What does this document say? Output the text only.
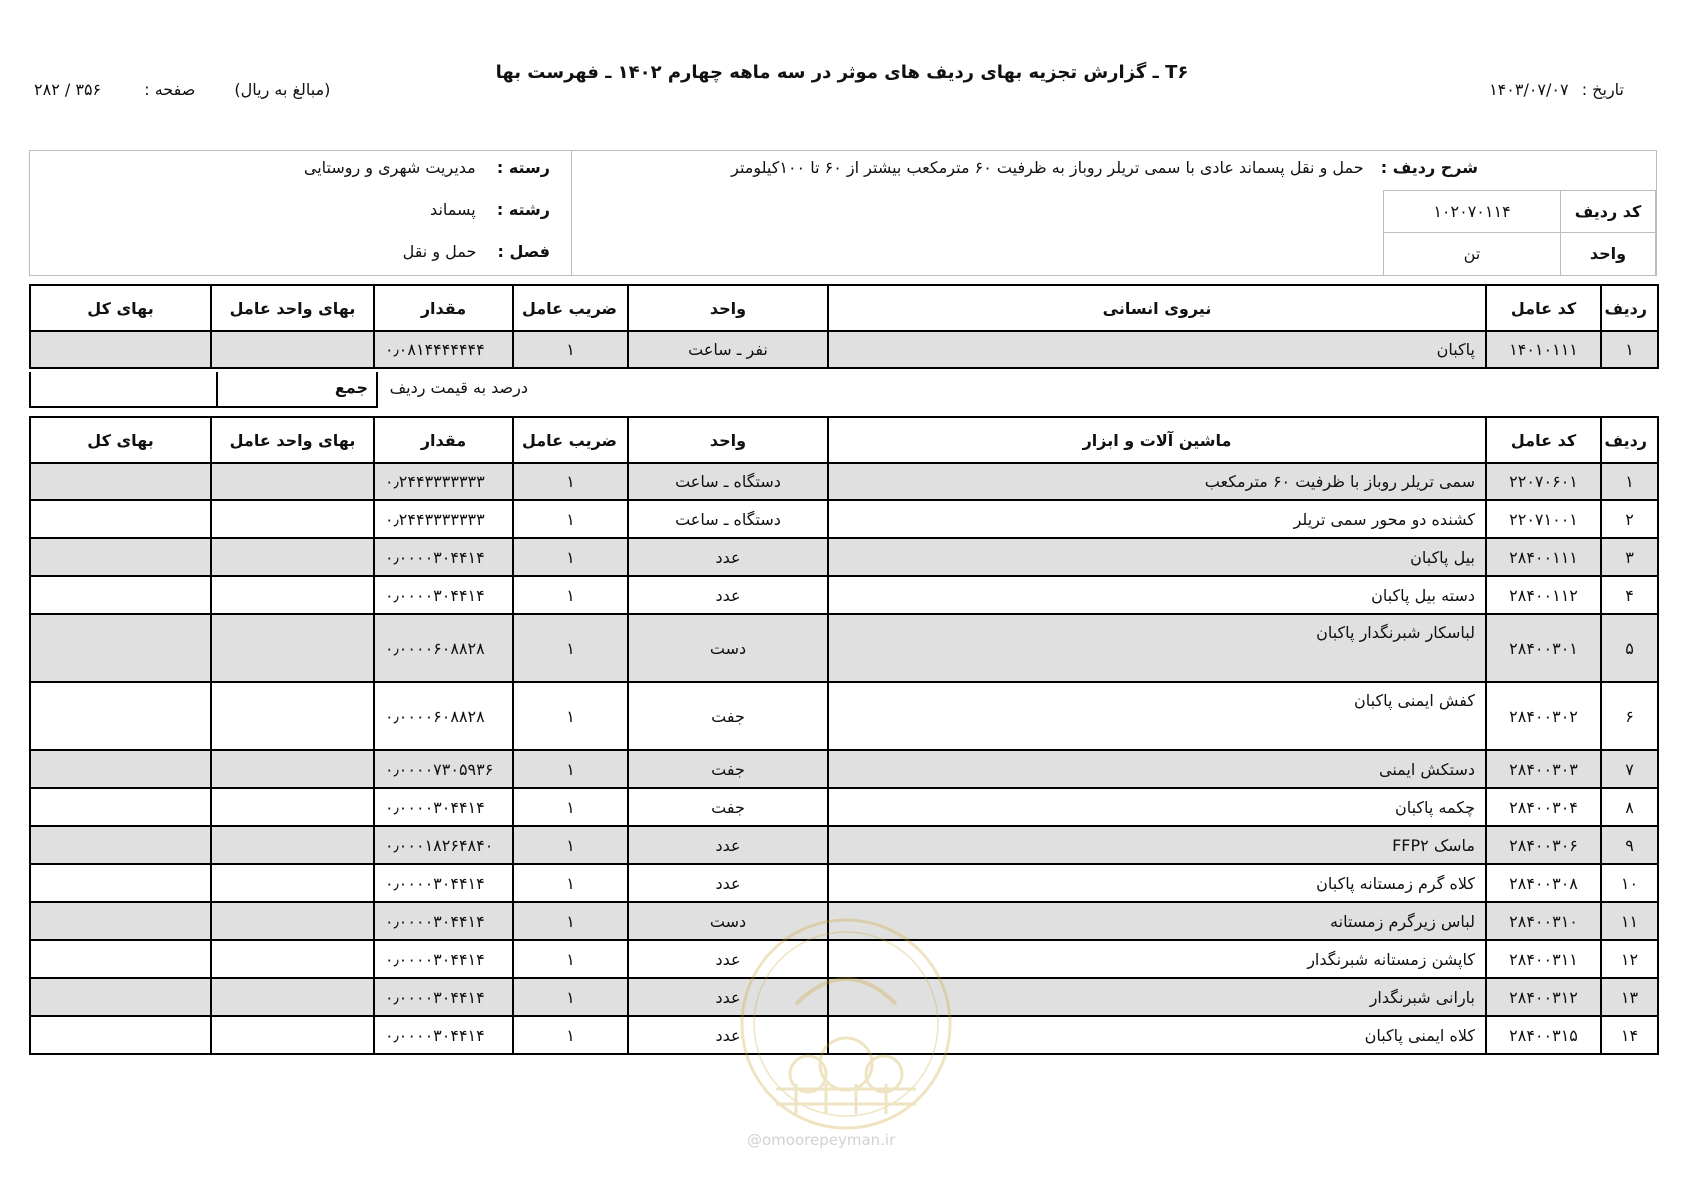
T۶ ـ گزارش تجزیه بهای ردیف های موثر در سه ماهه چهارم ۱۴۰۲ ـ فهرست بها
تاریخ : ۱۴۰۳/۰۷/۰۷
(مبالغ به ریال) صفحه : ۳۵۶ / ۲۸۲
شرح ردیف : حمل و نقل پسماند عادی با سمی تریلر روباز به ظرفیت ۶۰ مترمکعب بیشتر از ۶۰ تا ۱۰۰کیلومتر
کد ردیف
۱۰۲۰۷۰۱۱۴
واحد
تن
رسته : مدیریت شهری و روستایی
رشته : پسماند
فصل : حمل و نقل
ردیف	کد عامل	نیروی انسانی	واحد	ضریب عامل	مقدار	بهای واحد عامل	بهای کل
۱	۱۴۰۱۰۱۱۱	پاکبان	نفر ـ ساعت	۱	۰٫۰۸۱۴۴۴۴۴۴۴		
جمع	درصد به قیمت ردیف
ردیف	کد عامل	ماشین آلات و ابزار	واحد	ضریب عامل	مقدار	بهای واحد عامل	بهای کل
۱	۲۲۰۷۰۶۰۱	سمی تریلر روباز با ظرفیت ۶۰ مترمکعب	دستگاه ـ ساعت	۱	۰٫۲۴۴۳۳۳۳۳۳۳		
۲	۲۲۰۷۱۰۰۱	کشنده دو محور سمی تریلر	دستگاه ـ ساعت	۱	۰٫۲۴۴۳۳۳۳۳۳۳		
۳	۲۸۴۰۰۱۱۱	بیل پاکبان	عدد	۱	۰٫۰۰۰۰۳۰۴۴۱۴		
۴	۲۸۴۰۰۱۱۲	دسته بیل پاکبان	عدد	۱	۰٫۰۰۰۰۳۰۴۴۱۴		
۵	۲۸۴۰۰۳۰۱	لباسکار شبرنگدار پاکبان	دست	۱	۰٫۰۰۰۰۶۰۸۸۲۸		
۶	۲۸۴۰۰۳۰۲	کفش ایمنی پاکبان	جفت	۱	۰٫۰۰۰۰۶۰۸۸۲۸		
۷	۲۸۴۰۰۳۰۳	دستکش ایمنی	جفت	۱	۰٫۰۰۰۰۷۳۰۵۹۳۶		
۸	۲۸۴۰۰۳۰۴	چکمه پاکبان	جفت	۱	۰٫۰۰۰۰۳۰۴۴۱۴		
۹	۲۸۴۰۰۳۰۶	ماسک FFP۲	عدد	۱	۰٫۰۰۰۱۸۲۶۴۸۴۰		
۱۰	۲۸۴۰۰۳۰۸	کلاه گرم زمستانه پاکبان	عدد	۱	۰٫۰۰۰۰۳۰۴۴۱۴		
۱۱	۲۸۴۰۰۳۱۰	لباس زیرگرم زمستانه	دست	۱	۰٫۰۰۰۰۳۰۴۴۱۴		
۱۲	۲۸۴۰۰۳۱۱	کاپشن زمستانه شبرنگدار	عدد	۱	۰٫۰۰۰۰۳۰۴۴۱۴		
۱۳	۲۸۴۰۰۳۱۲	بارانی شبرنگدار	عدد	۱	۰٫۰۰۰۰۳۰۴۴۱۴		
۱۴	۲۸۴۰۰۳۱۵	کلاه ایمنی پاکبان	عدد	۱	۰٫۰۰۰۰۳۰۴۴۱۴		
@omoorepeyman.ir
